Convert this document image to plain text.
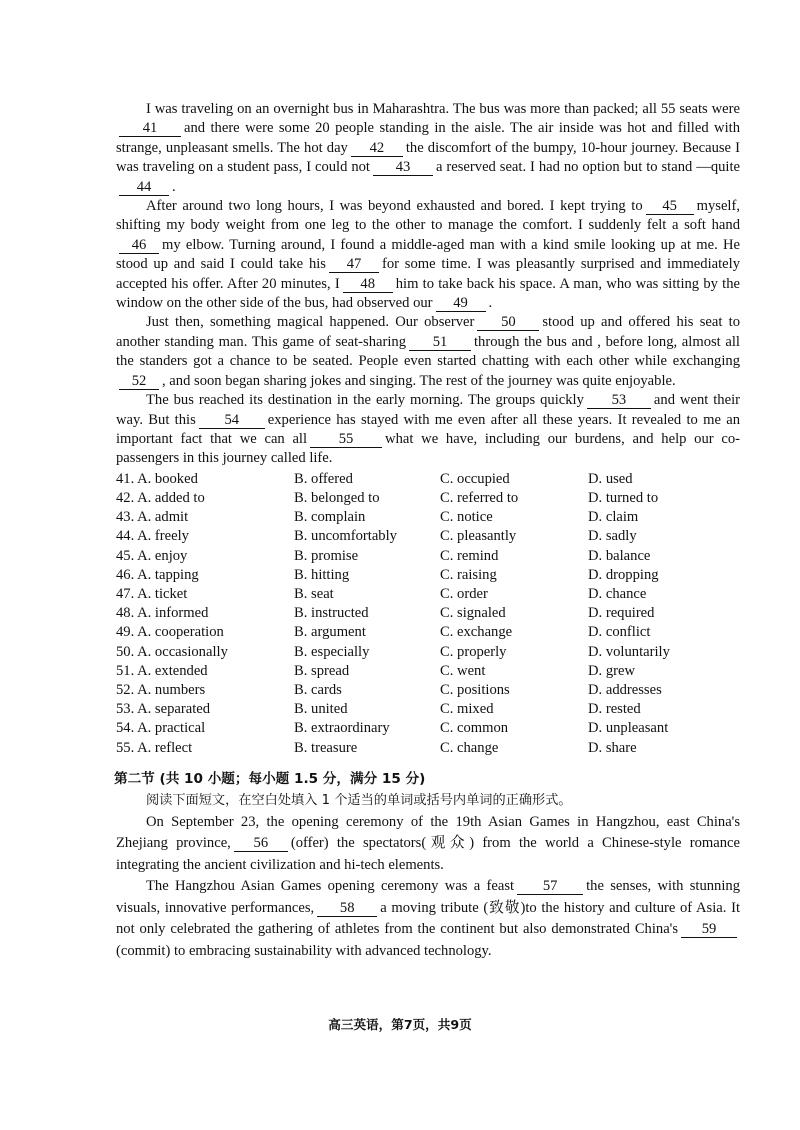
I was traveling on an overnight bus in Maharashtra. The bus was more than packed; all 55 seats were41 and there were some 20 people standing in the aisle. The air inside was hot and filled with strange, unpleasant smells. The hot day 42 the discomfort of the bumpy, 10-hour journey. Because I was traveling on a student pass, I could not 43 a reserved seat. I had no option but to stand —quite44 .

After around two long hours, I was beyond exhausted and bored. I kept trying to 45 myself, shifting my body weight from one leg to the other to manage the comfort. I suddenly felt a soft hand46 my elbow. Turning around, I found a middle-aged man with a kind smile looking up at me. He stood up and said I could take his 47 for some time. I was pleasantly surprised and immediately accepted his offer. After 20 minutes, I 48 him to take back his space. A man, who was sitting by the window on the other side of the bus, had observed our 49 .

Just then, something magical happened. Our observer 50 stood up and offered his seat to another standing man. This game of seat-sharing 51 through the bus and , before long, almost all the standers got a chance to be seated. People even started chatting with each other while exchanging52 , and soon began sharing jokes and singing. The rest of the journey was quite enjoyable.

The bus reached its destination in the early morning. The groups quickly 53 and went their way. But this 54 experience has stayed with me even after all these years. It revealed to me an important fact that we can all 55 what we have, including our burdens, and help our co-passengers in this journey called life.

41. A. booked	B. offered	C. occupied	D. used
42. A. added to	B. belonged to	C. referred to	D. turned to
43. A. admit	B. complain	C. notice	D. claim
44. A. freely	B. uncomfortably	C. pleasantly	D. sadly
45. A. enjoy	B. promise	C. remind	D. balance
46. A. tapping	B. hitting	C. raising	D. dropping
47. A. ticket	B. seat	C. order	D. chance
48. A. informed	B. instructed	C. signaled	D. required
49. A. cooperation	B. argument	C. exchange	D. conflict
50. A. occasionally	B. especially	C. properly	D. voluntarily
51. A. extended	B. spread	C. went	D. grew
52. A. numbers	B. cards	C. positions	D. addresses
53. A. separated	B. united	C. mixed	D. rested
54. A. practical	B. extraordinary	C. common	D. unpleasant
55. A. reflect	B. treasure	C. change	D. share
第二节 (共 10 小题；每小题 1.5 分，满分 15 分)
阅读下面短文，在空白处填入 1 个适当的单词或括号内单词的正确形式。

On September 23, the opening ceremony of the 19th Asian Games in Hangzhou, east China's Zhejiang province, 56 (offer) the spectators(观众) from the world a Chinese-style romance integrating the ancient civilization and hi-tech elements.

The Hangzhou Asian Games opening ceremony was a feast 57 the senses, with stunning visuals, innovative performances, 58 a moving tribute (致敬)to the history and culture of Asia. It not only celebrated the gathering of athletes from the continent but also demonstrated China's 59(commit) to embracing sustainability with advanced technology.

高三英语，第7页，共9页
